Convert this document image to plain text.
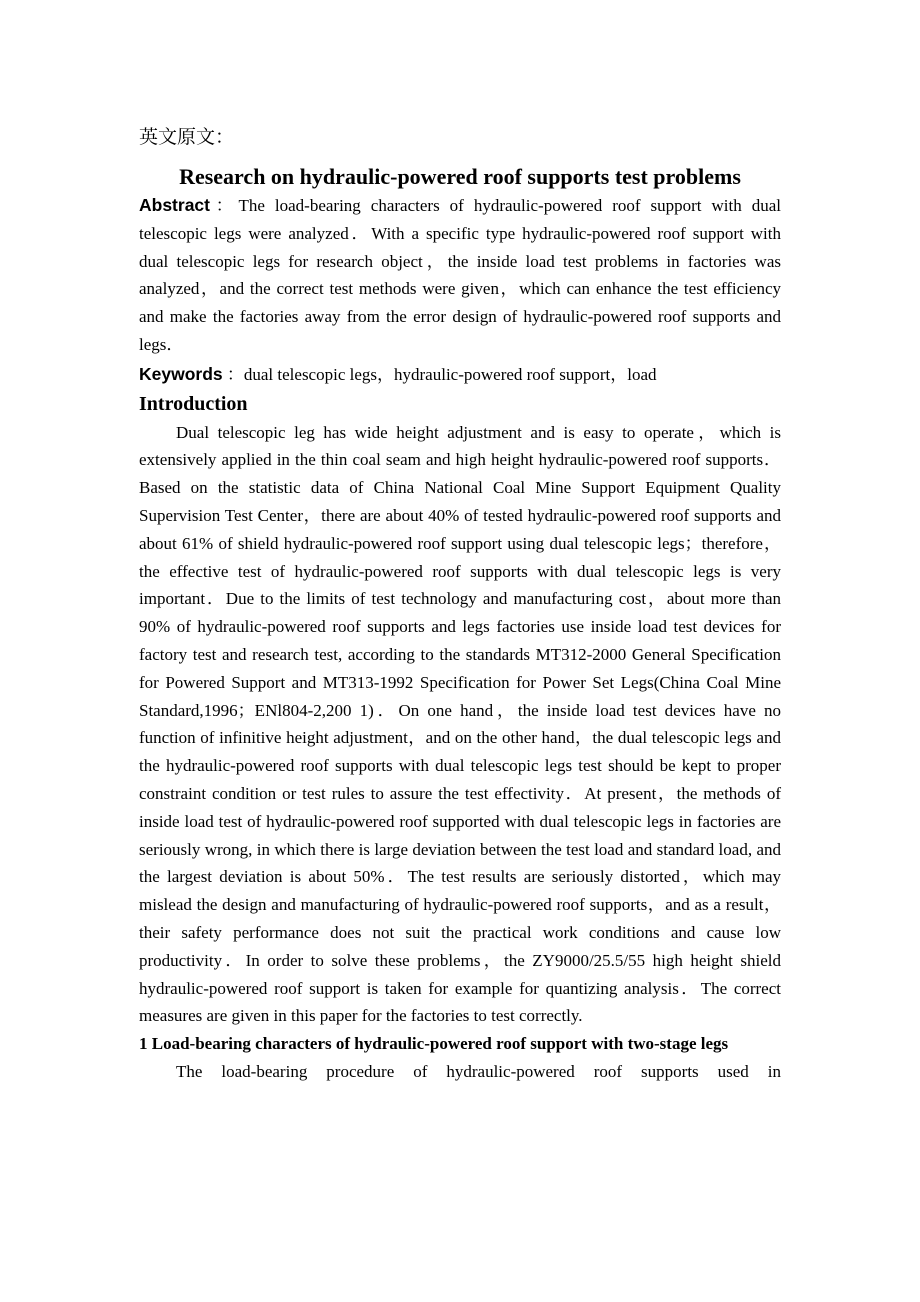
英文原文：
Research on hydraulic-powered roof supports test problems

Abstract：The load-bearing characters of hydraulic-powered roof support with dual telescopic legs were analyzed．With a specific type hydraulic-powered roof support with dual telescopic legs for research object，the inside load test problems in factories was analyzed，and the correct test methods were given，which can enhance the test efficiency and make the factories away from the error design of hydraulic-powered roof supports and legs．

Keywords ：dual telescopic legs，hydraulic-powered roof support，load

Introduction

Dual telescopic leg has wide height adjustment and is easy to operate，which is extensively applied in the thin coal seam and high height hydraulic-powered roof supports．Based on the statistic data of China National Coal Mine Support Equipment Quality Supervision Test Center，there are about 40% of tested hydraulic-powered roof supports and about 61% of shield hydraulic-powered roof support using dual telescopic legs；therefore，the effective test of hydraulic-powered roof supports with dual telescopic legs is very important．Due to the limits of test technology and manufacturing cost，about more than 90% of hydraulic-powered roof supports and legs factories use inside load test devices for factory test and research test, according to the standards MT312-2000 General Specification for Powered Support and MT313-1992 Specification for Power Set Legs(China Coal Mine Standard,1996；ENl804-2,200 1)．On one hand，the inside load test devices have no function of infinitive height adjustment，and on the other hand，the dual telescopic legs and the hydraulic-powered roof supports with dual telescopic legs test should be kept to proper constraint condition or test rules to assure the test effectivity．At present，the methods of inside load test of hydraulic-powered roof supported with dual telescopic legs in factories are seriously wrong, in which there is large deviation between the test load and standard load, and the largest deviation is about 50%．The test results are seriously distorted，which may mislead the design and manufacturing of hydraulic-powered roof supports，and as a result，their safety performance does not suit the practical work conditions and cause low productivity．In order to solve these problems，the ZY9000/25.5/55 high height shield hydraulic-powered roof support is taken for example for quantizing analysis．The correct measures are given in this paper for the factories to test correctly.

1 Load-bearing characters of hydraulic-powered roof support with two-stage legs

The load-bearing procedure of hydraulic-powered roof supports used in
